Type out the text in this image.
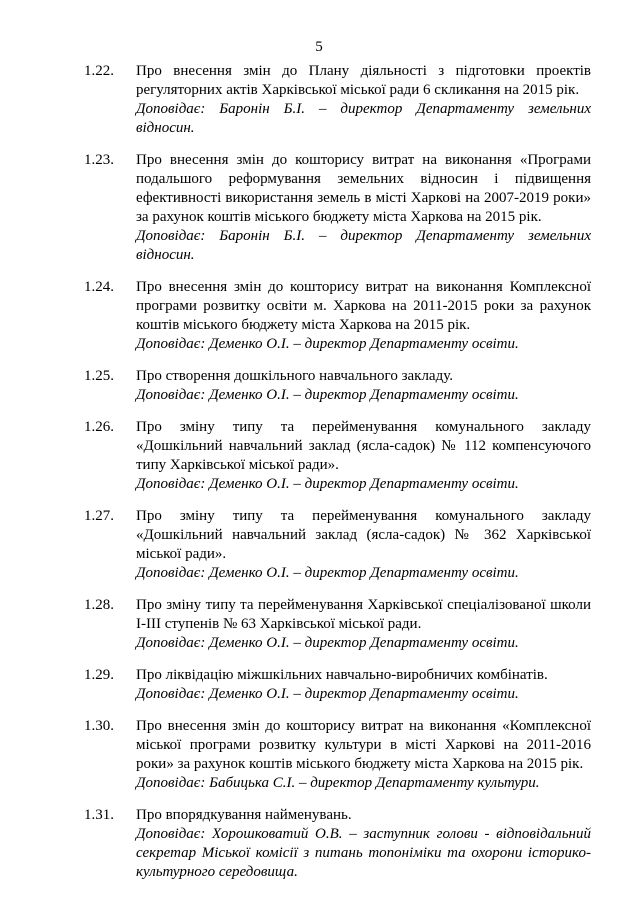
5
1.22.	Про внесення змін до Плану діяльності з підготовки проектів регуляторних актів Харківської міської ради 6 скликання на 2015 рік.
Доповідає: Баронін Б.І. – директор Департаменту земельних відносин.
1.23.	Про внесення змін до кошторису витрат на виконання «Програми подальшого реформування земельних відносин і підвищення ефективності використання земель в місті Харкові на 2007-2019 роки» за рахунок коштів міського бюджету міста Харкова на 2015 рік.
Доповідає: Баронін Б.І. – директор Департаменту земельних відносин.
1.24.	Про внесення змін до кошторису витрат на виконання Комплексної програми розвитку освіти м. Харкова на 2011-2015 роки за рахунок коштів міського бюджету міста Харкова на 2015 рік.
Доповідає: Деменко О.І. – директор Департаменту освіти.
1.25.	Про створення дошкільного навчального закладу.
Доповідає: Деменко О.І. – директор Департаменту освіти.
1.26.	Про зміну типу та перейменування комунального закладу «Дошкільний навчальний заклад (ясла-садок) № 112 компенсуючого типу Харківської міської ради».
Доповідає: Деменко О.І. – директор Департаменту освіти.
1.27.	Про зміну типу та перейменування комунального закладу «Дошкільний навчальний заклад (ясла-садок) № 362 Харківської міської ради».
Доповідає: Деменко О.І. – директор Департаменту освіти.
1.28.	Про зміну типу та перейменування Харківської спеціалізованої школи І-ІІІ ступенів № 63 Харківської міської ради.
Доповідає: Деменко О.І. – директор Департаменту освіти.
1.29.	Про ліквідацію міжшкільних навчально-виробничих комбінатів.
Доповідає: Деменко О.І. – директор Департаменту освіти.
1.30.	Про внесення змін до кошторису витрат на виконання «Комплексної міської програми розвитку культури в місті Харкові на 2011-2016 роки» за рахунок коштів міського бюджету міста Харкова на 2015 рік.
Доповідає: Бабицька С.І. – директор Департаменту культури.
1.31.	Про впорядкування найменувань.
Доповідає: Хорошковатий О.В. – заступник голови - відповідальний секретар Міської комісії з питань топоніміки та охорони історико-культурного середовища.
